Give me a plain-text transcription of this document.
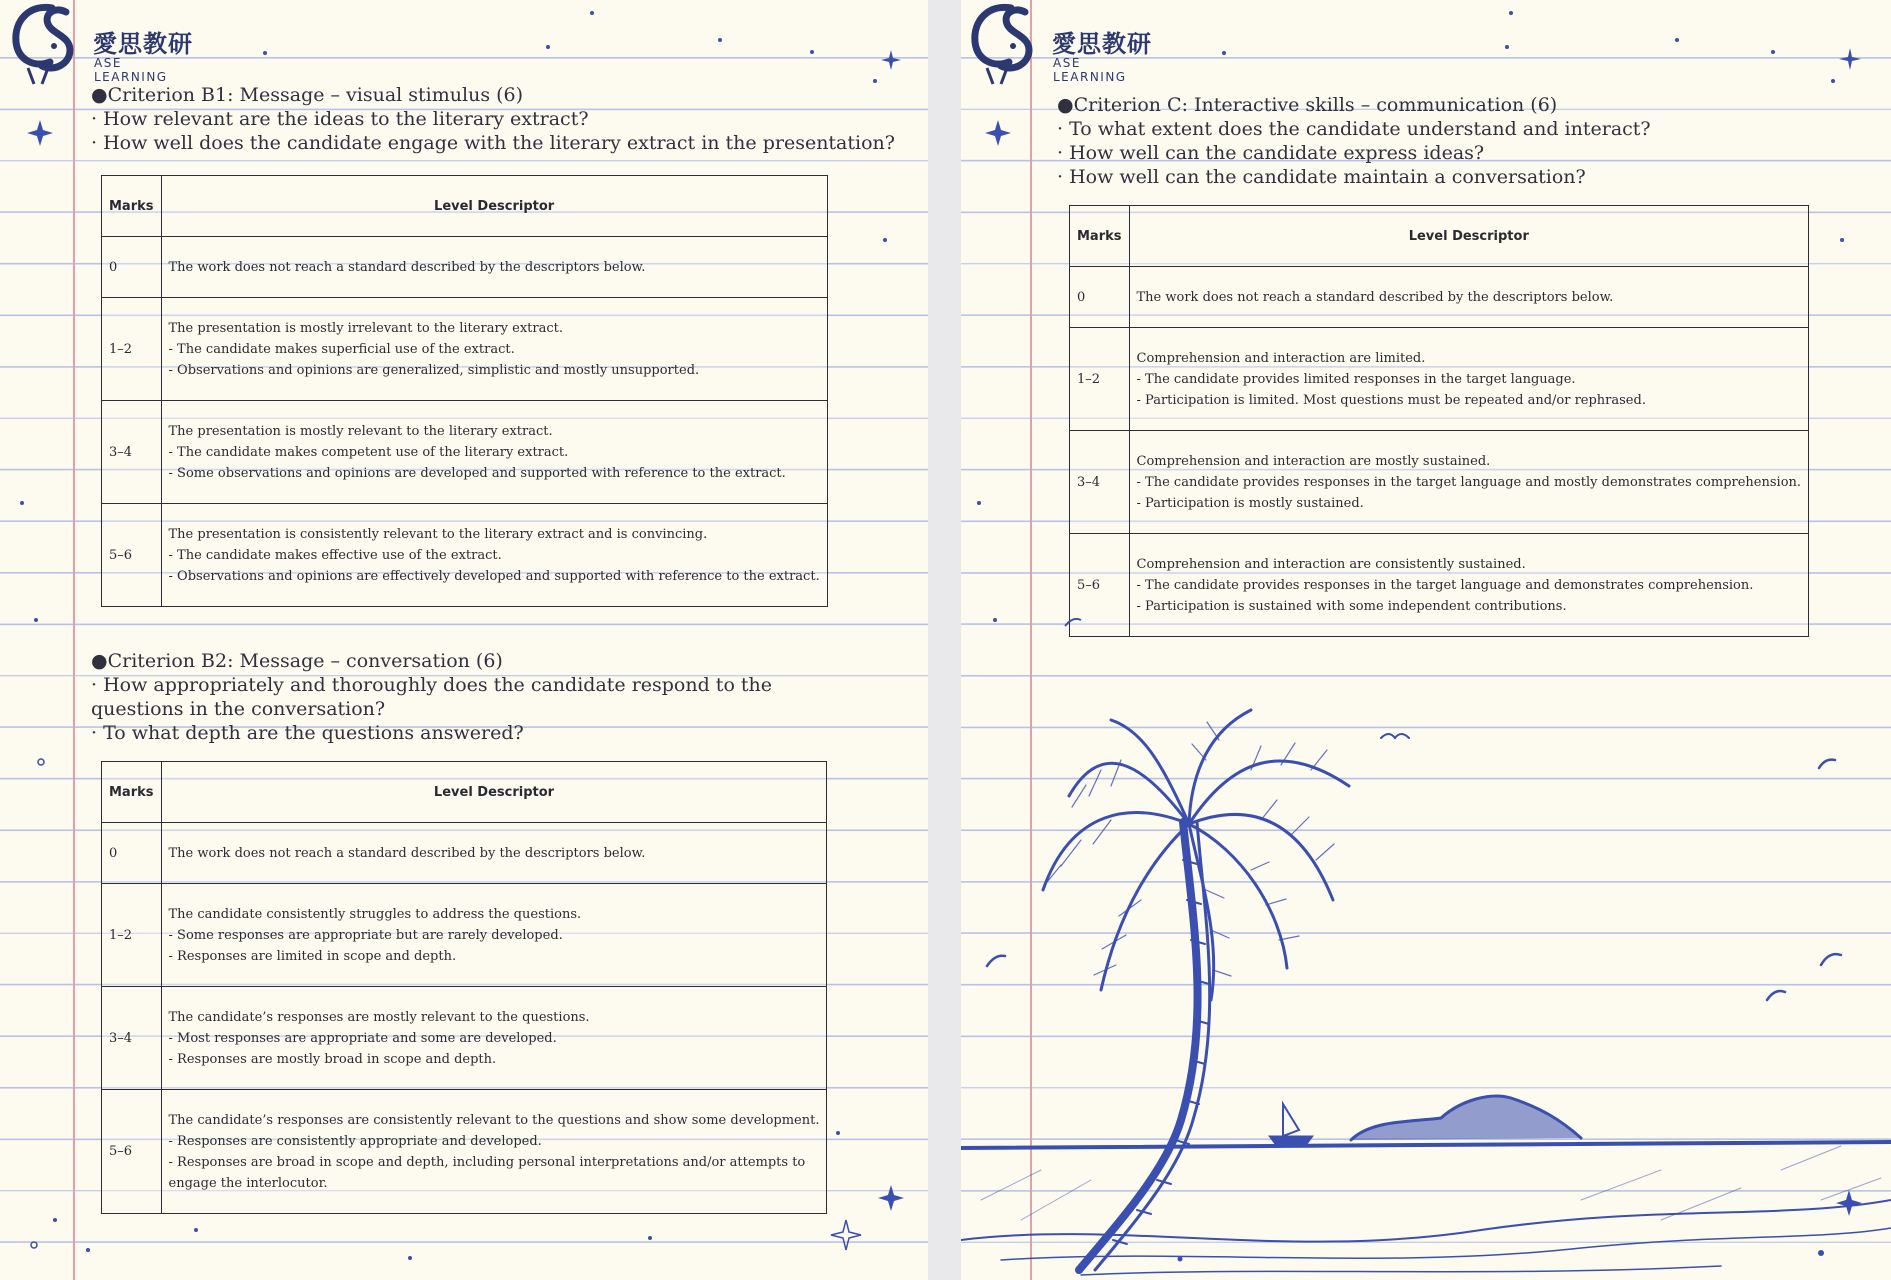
愛思教研
ASE LEARNING
●Criterion B1: Message – visual stimulus (6)
· How relevant are the ideas to the literary extract?
· How well does the candidate engage with the literary extract in the presentation?
Marks	Level Descriptor
0	The work does not reach a standard described by the descriptors below.

1–2	The presentation is mostly irrelevant to the literary extract.
- The candidate makes superficial use of the extract.
- Observations and opinions are generalized, simplistic and mostly unsupported.

3–4	The presentation is mostly relevant to the literary extract.
- The candidate makes competent use of the literary extract.
- Some observations and opinions are developed and supported with reference to the extract.

5–6	The presentation is consistently relevant to the literary extract and is convincing.
- The candidate makes effective use of the extract.
- Observations and opinions are effectively developed and supported with reference to the extract.
●Criterion B2: Message – conversation (6)
· How appropriately and thoroughly does the candidate respond to the questions in the conversation?
· To what depth are the questions answered?
Marks	Level Descriptor
0	The work does not reach a standard described by the descriptors below.

1–2	The candidate consistently struggles to address the questions.
- Some responses are appropriate but are rarely developed.
- Responses are limited in scope and depth.

3–4	The candidate’s responses are mostly relevant to the questions.
- Most responses are appropriate and some are developed.
- Responses are mostly broad in scope and depth.

5–6	The candidate’s responses are consistently relevant to the questions and show some development.
- Responses are consistently appropriate and developed.
- Responses are broad in scope and depth, including personal interpretations and/or attempts to
engage the interlocutor.
愛思教研
ASE LEARNING
●Criterion C: Interactive skills – communication (6)
· To what extent does the candidate understand and interact?
· How well can the candidate express ideas?
· How well can the candidate maintain a conversation?
Marks	Level Descriptor
0	The work does not reach a standard described by the descriptors below.

1–2	Comprehension and interaction are limited.
- The candidate provides limited responses in the target language.
- Participation is limited. Most questions must be repeated and/or rephrased.

3–4	Comprehension and interaction are mostly sustained.
- The candidate provides responses in the target language and mostly demonstrates comprehension.
- Participation is mostly sustained.

5–6	Comprehension and interaction are consistently sustained.
- The candidate provides responses in the target language and demonstrates comprehension.
- Participation is sustained with some independent contributions.
